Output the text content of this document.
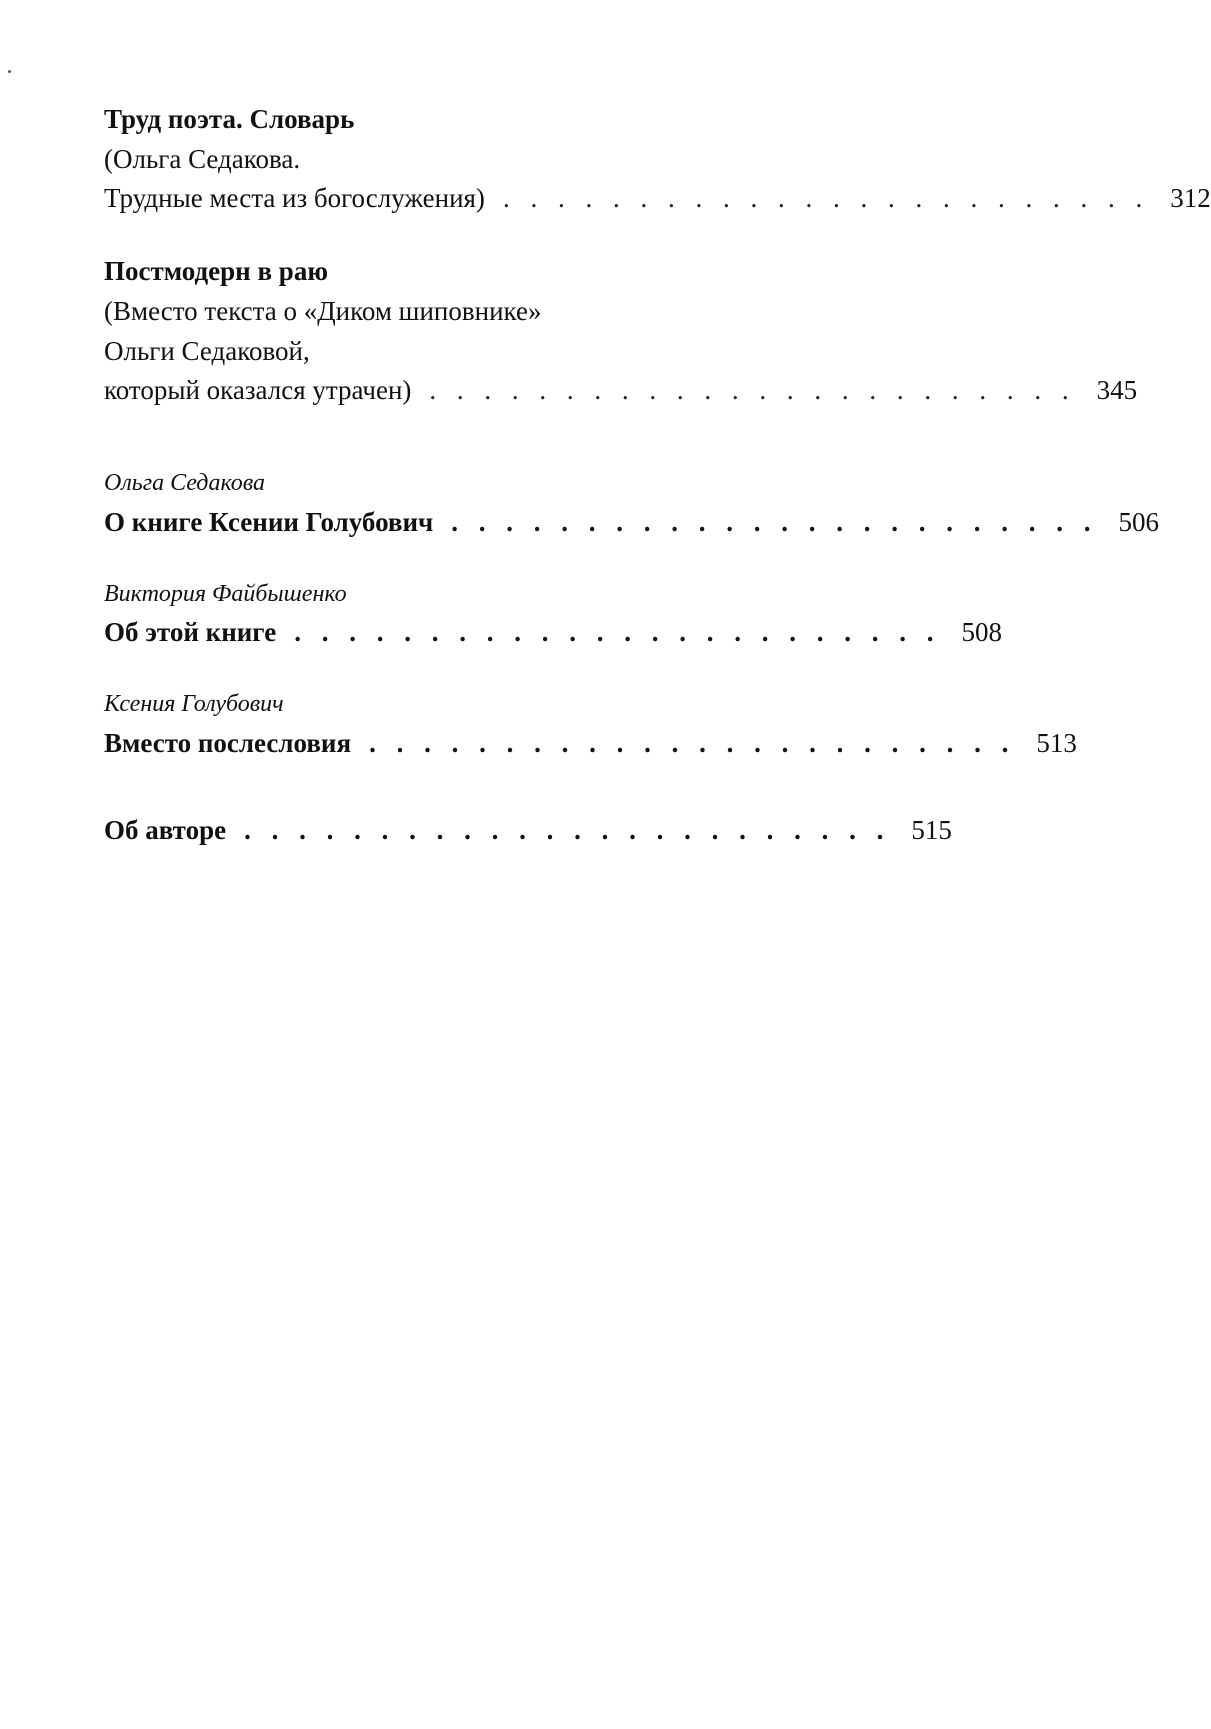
Труд поэта. Словарь
(Ольга Седакова.
Трудные места из богослужения) . . . . . . . . . . . . . . . . . . . . . . . .	312
Постмодерн в раю
(Вместо текста о «Диком шиповнике»
Ольги Седаковой,
который оказался утрачен) . . . . . . . . . . . . . . . . . . . . . . . .	345
Ольга Седакова
О книге Ксении Голубович . . . . . . . . . . . . . . . . . . . . . . . .	506
Виктория Файбышенко
Об этой книге . . . . . . . . . . . . . . . . . . . . . . . .	508
Ксения Голубович
Вместо послесловия . . . . . . . . . . . . . . . . . . . . . . . .	513
Об авторе . . . . . . . . . . . . . . . . . . . . . . . .	515
